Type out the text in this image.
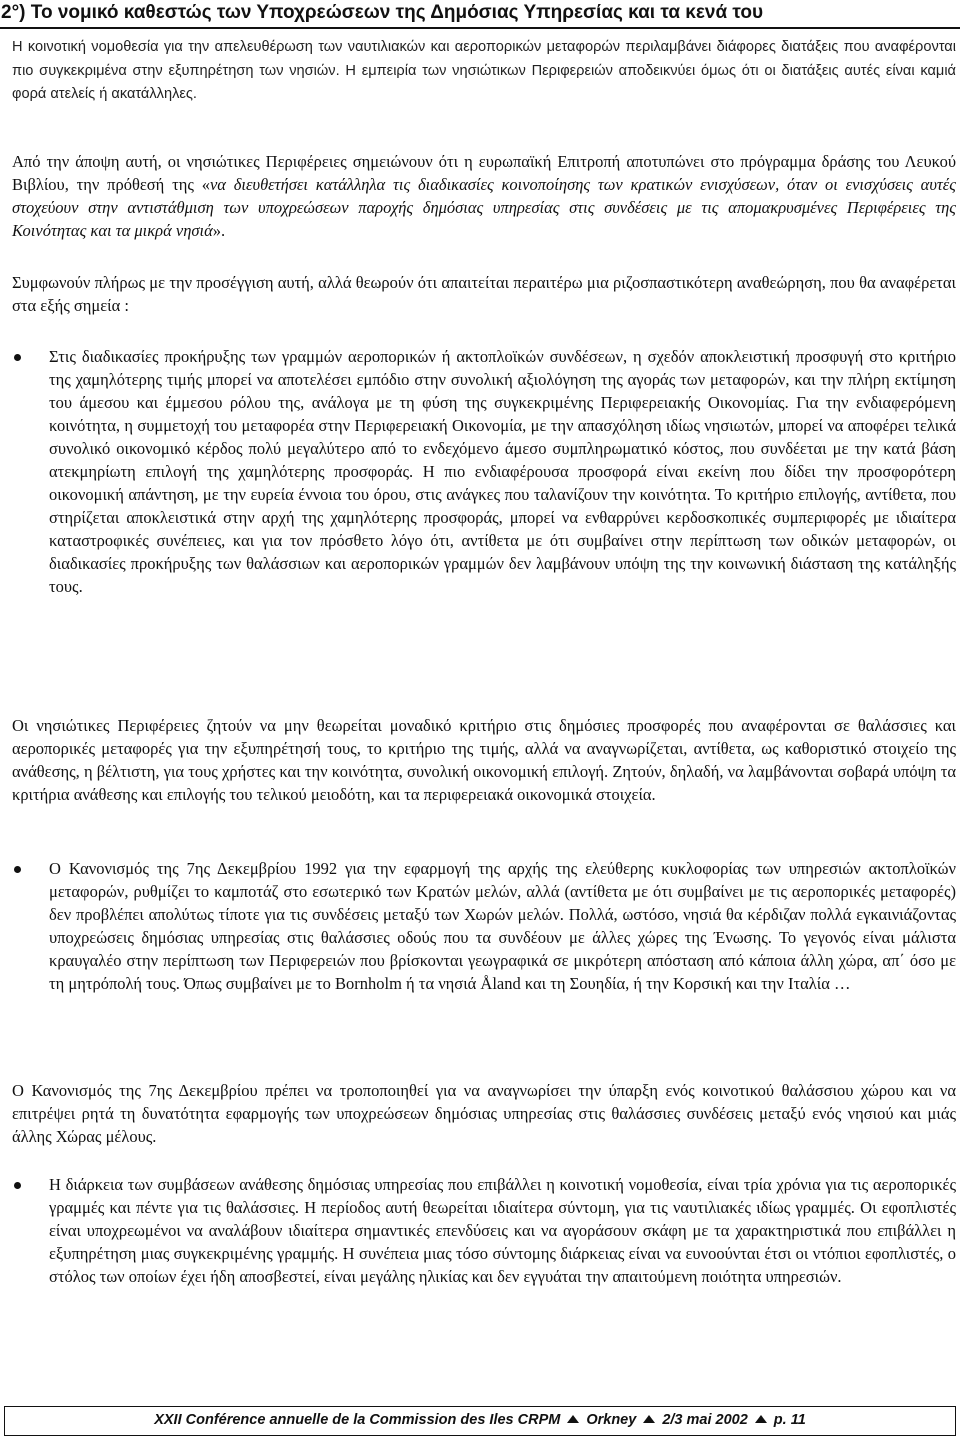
2°) Το νομικό καθεστώς των Υποχρεώσεων της Δημόσιας Υπηρεσίας και τα κενά του
Η κοινοτική νομοθεσία για την απελευθέρωση των ναυτιλιακών και αεροπορικών μεταφορών περιλαμβάνει διάφορες διατάξεις που αναφέρονται πιο συγκεκριμένα στην εξυπηρέτηση των νησιών. Η εμπειρία των νησιώτικων Περιφερειών αποδεικνύει όμως ότι οι διατάξεις αυτές είναι καμιά φορά ατελείς ή ακατάλληλες.
Από την άποψη αυτή, οι νησιώτικες Περιφέρειες σημειώνουν ότι η ευρωπαϊκή Επιτροπή αποτυπώνει στο πρόγραμμα δράσης του Λευκού Βιβλίου, την πρόθεσή της «να διευθετήσει κατάλληλα τις διαδικασίες κοινοποίησης των κρατικών ενισχύσεων, όταν οι ενισχύσεις αυτές στοχεύουν στην αντιστάθμιση των υποχρεώσεων παροχής δημόσιας υπηρεσίας στις συνδέσεις με τις απομακρυσμένες Περιφέρειες της Κοινότητας και τα μικρά νησιά».
Συμφωνούν πλήρως με την προσέγγιση αυτή, αλλά θεωρούν ότι απαιτείται περαιτέρω μια ριζοσπαστικότερη αναθεώρηση, που θα αναφέρεται στα εξής σημεία :
Στις διαδικασίες προκήρυξης των γραμμών αεροπορικών ή ακτοπλοϊκών συνδέσεων, η σχεδόν αποκλειστική προσφυγή στο κριτήριο της χαμηλότερης τιμής μπορεί να αποτελέσει εμπόδιο στην συνολική αξιολόγηση της αγοράς των μεταφορών, και την πλήρη εκτίμηση του άμεσου και έμμεσου ρόλου της, ανάλογα με τη φύση της συγκεκριμένης Περιφερειακής Οικονομίας. Για την ενδιαφερόμενη κοινότητα, η συμμετοχή του μεταφορέα στην Περιφερειακή Οικονομία, με την απασχόληση ιδίως νησιωτών, μπορεί να αποφέρει τελικά συνολικό οικονομικό κέρδος πολύ μεγαλύτερο από το ενδεχόμενο άμεσο συμπληρωματικό κόστος, που συνδέεται με την κατά βάση ατεκμηρίωτη επιλογή της χαμηλότερης προσφοράς. Η πιο ενδιαφέρουσα προσφορά είναι εκείνη που δίδει την προσφορότερη οικονομική απάντηση, με την ευρεία έννοια του όρου, στις ανάγκες που ταλανίζουν την κοινότητα. Το κριτήριο επιλογής, αντίθετα, που στηρίζεται αποκλειστικά στην αρχή της χαμηλότερης προσφοράς, μπορεί να ενθαρρύνει κερδοσκοπικές συμπεριφορές με ιδιαίτερα καταστροφικές συνέπειες, και για τον πρόσθετο λόγο ότι, αντίθετα με ότι συμβαίνει στην περίπτωση των οδικών μεταφορών, οι διαδικασίες προκήρυξης των θαλάσσιων και αεροπορικών γραμμών δεν λαμβάνουν υπόψη της την κοινωνική διάσταση της κατάληξής τους.
Οι νησιώτικες Περιφέρειες ζητούν να μην θεωρείται μοναδικό κριτήριο στις δημόσιες προσφορές που αναφέρονται σε θαλάσσιες και αεροπορικές μεταφορές για την εξυπηρέτησή τους, το κριτήριο της τιμής, αλλά να αναγνωρίζεται, αντίθετα, ως καθοριστικό στοιχείο της ανάθεσης, η βέλτιστη, για τους χρήστες και την κοινότητα, συνολική οικονομική επιλογή. Ζητούν, δηλαδή, να λαμβάνονται σοβαρά υπόψη τα κριτήρια ανάθεσης και επιλογής του τελικού μειοδότη, και τα περιφερειακά οικονομικά στοιχεία.
Ο Κανονισμός της 7ης Δεκεμβρίου 1992 για την εφαρμογή της αρχής της ελεύθερης κυκλοφορίας των υπηρεσιών ακτοπλοϊκών μεταφορών, ρυθμίζει το καμποτάζ στο εσωτερικό των Κρατών μελών, αλλά (αντίθετα με ότι συμβαίνει με τις αεροπορικές μεταφορές) δεν προβλέπει απολύτως τίποτε για τις συνδέσεις μεταξύ των Χωρών μελών. Πολλά, ωστόσο, νησιά θα κέρδιζαν πολλά εγκαινιάζοντας υποχρεώσεις δημόσιας υπηρεσίας στις θαλάσσιες οδούς που τα συνδέουν με άλλες χώρες της Ένωσης. Το γεγονός είναι μάλιστα κραυγαλέο στην περίπτωση των Περιφερειών που βρίσκονται γεωγραφικά σε μικρότερη απόσταση από κάποια άλλη χώρα, απ΄ όσο με τη μητρόπολή τους. Όπως συμβαίνει με το Bornholm ή τα νησιά Åland και τη Σουηδία, ή την Κορσική και την Ιταλία …
Ο Κανονισμός της 7ης Δεκεμβρίου πρέπει να τροποποιηθεί για να αναγνωρίσει την ύπαρξη ενός κοινοτικού θαλάσσιου χώρου και να επιτρέψει ρητά τη δυνατότητα εφαρμογής των υποχρεώσεων δημόσιας υπηρεσίας στις θαλάσσιες συνδέσεις μεταξύ ενός νησιού και μιάς άλλης Χώρας μέλους.
Η διάρκεια των συμβάσεων ανάθεσης δημόσιας υπηρεσίας που επιβάλλει η κοινοτική νομοθεσία, είναι τρία χρόνια για τις αεροπορικές γραμμές και πέντε για τις θαλάσσιες. Η περίοδος αυτή θεωρείται ιδιαίτερα σύντομη, για τις ναυτιλιακές ιδίως γραμμές. Οι εφοπλιστές είναι υποχρεωμένοι να αναλάβουν ιδιαίτερα σημαντικές επενδύσεις και να αγοράσουν σκάφη με τα χαρακτηριστικά που επιβάλλει η εξυπηρέτηση μιας συγκεκριμένης γραμμής. Η συνέπεια μιας τόσο σύντομης διάρκειας είναι να ευνοούνται έτσι οι ντόπιοι εφοπλιστές, ο στόλος των οποίων έχει ήδη αποσβεστεί, είναι μεγάλης ηλικίας και δεν εγγυάται την απαιτούμενη ποιότητα υπηρεσιών.
XXII Conférence annuelle de la Commission des Iles CRPM Orkney 2/3 mai 2002 p. 11
